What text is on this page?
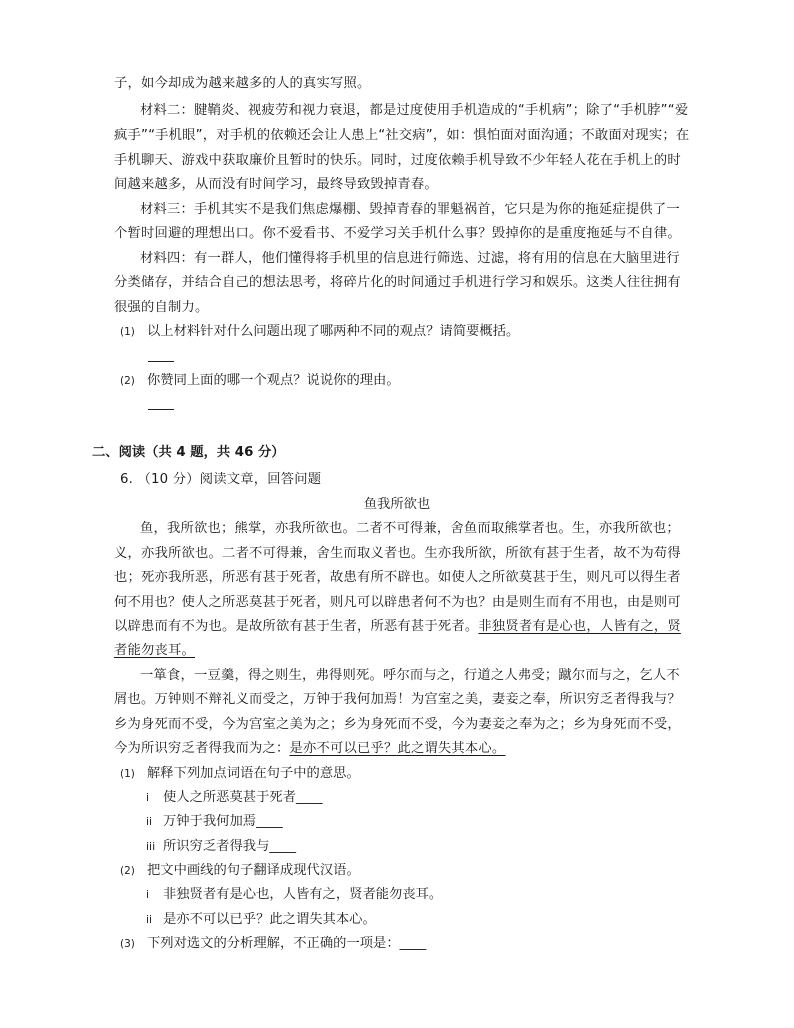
子，如今却成为越来越多的人的真实写照。
材料二：腱鞘炎、视疲劳和视力衰退，都是过度使用手机造成的“手机病”；除了“手机脖”“爱
疯手”“手机眼”，对手机的依赖还会让人患上“社交病”，如：惧怕面对面沟通；不敢面对现实；在
手机聊天、游戏中获取廉价且暂时的快乐。同时，过度依赖手机导致不少年轻人花在手机上的时
间越来越多，从而没有时间学习，最终导致毁掉青春。
材料三：手机其实不是我们焦虑爆棚、毁掉青春的罪魁祸首，它只是为你的拖延症提供了一
个暂时回避的理想出口。你不爱看书、不爱学习关手机什么事？毁掉你的是重度拖延与不自律。
材料四：有一群人，他们懂得将手机里的信息进行筛选、过滤，将有用的信息在大脑里进行
分类储存，并结合自己的想法思考，将碎片化的时间通过手机进行学习和娱乐。这类人往往拥有
很强的自制力。
(1) 以上材料针对什么问题出现了哪两种不同的观点？请简要概括。
(2) 你赞同上面的哪一个观点？说说你的理由。
二、阅读（共 4 题，共 46 分）
6. （10 分）阅读文章，回答问题
鱼我所欲也
鱼，我所欲也；熊掌，亦我所欲也。二者不可得兼，舍鱼而取熊掌者也。生，亦我所欲也；
义，亦我所欲也。二者不可得兼，舍生而取义者也。生亦我所欲，所欲有甚于生者，故不为苟得
也；死亦我所恶，所恶有甚于死者，故患有所不辟也。如使人之所欲莫甚于生，则凡可以得生者
何不用也？使人之所恶莫甚于死者，则凡可以辟患者何不为也？由是则生而有不用也，由是则可
以辟患而有不为也。是故所欲有甚于生者，所恶有甚于死者。非独贤者有是心也，人皆有之，贤
者能勿丧耳。
一箪食，一豆羹，得之则生，弗得则死。呼尔而与之，行道之人弗受；蹴尔而与之，乞人不
屑也。万钟则不辩礼义而受之，万钟于我何加焉！为宫室之美，妻妾之奉，所识穷乏者得我与？
乡为身死而不受，今为宫室之美为之；乡为身死而不受，今为妻妾之奉为之；乡为身死而不受，
今为所识穷乏者得我而为之：是亦不可以已乎？此之谓失其本心。
(1) 解释下列加点词语在句子中的意思。
i 使人之所恶莫甚于死者____
ii 万钟于我何加焉____
iii 所识穷乏者得我与____
(2) 把文中画线的句子翻译成现代汉语。
i 非独贤者有是心也，人皆有之，贤者能勿丧耳。
ii 是亦不可以已乎？此之谓失其本心。
(3) 下列对选文的分析理解，不正确的一项是：____
